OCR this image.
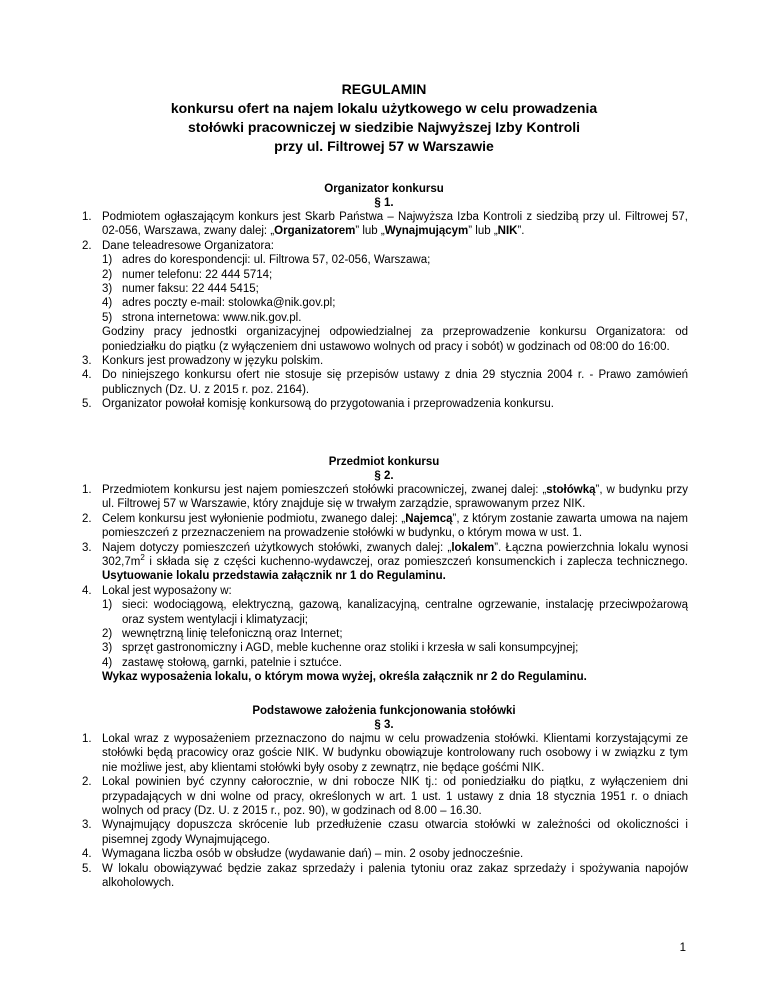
REGULAMIN
konkursu ofert na najem lokalu użytkowego w celu prowadzenia
stołówki pracowniczej w siedzibie Najwyższej Izby Kontroli
przy ul. Filtrowej 57 w Warszawie
Organizator konkursu
§ 1.
1. Podmiotem ogłaszającym konkurs jest Skarb Państwa – Najwyższa Izba Kontroli z siedzibą przy ul. Filtrowej 57, 02-056, Warszawa, zwany dalej: „Organizatorem” lub „Wynajmującym” lub „NIK”.
2. Dane teleadresowe Organizatora:
1) adres do korespondencji: ul. Filtrowa 57, 02-056, Warszawa;
2) numer telefonu: 22 444 5714;
3) numer faksu: 22 444 5415;
4) adres poczty e-mail: stolowka@nik.gov.pl;
5) strona internetowa: www.nik.gov.pl.
Godziny pracy jednostki organizacyjnej odpowiedzialnej za przeprowadzenie konkursu Organizatora: od poniedziałku do piątku (z wyłączeniem dni ustawowo wolnych od pracy i sobót) w godzinach od 08:00 do 16:00.
3. Konkurs jest prowadzony w języku polskim.
4. Do niniejszego konkursu ofert nie stosuje się przepisów ustawy z dnia 29 stycznia 2004 r. - Prawo zamówień publicznych (Dz. U. z 2015 r. poz. 2164).
5. Organizator powołał komisję konkursową do przygotowania i przeprowadzenia konkursu.
Przedmiot konkursu
§ 2.
1. Przedmiotem konkursu jest najem pomieszczeń stołówki pracowniczej, zwanej dalej: „stołówką”, w budynku przy ul. Filtrowej 57 w Warszawie, który znajduje się w trwałym zarządzie, sprawowanym przez NIK.
2. Celem konkursu jest wyłonienie podmiotu, zwanego dalej: „Najemcą”, z którym zostanie zawarta umowa na najem pomieszczeń z przeznaczeniem na prowadzenie stołówki w budynku, o którym mowa w ust. 1.
3. Najem dotyczy pomieszczeń użytkowych stołówki, zwanych dalej: „lokalem”. Łączna powierzchnia lokalu wynosi $302,7m^2$ i składa się z części kuchenno-wydawczej, oraz pomieszczeń konsumenckich i zaplecza technicznego. Usytuowanie lokalu przedstawia załącznik nr 1 do Regulaminu.
4. Lokal jest wyposażony w:
1) sieci: wodociągową, elektryczną, gazową, kanalizacyjną, centralne ogrzewanie, instalację przeciwpożarową oraz system wentylacji i klimatyzacji;
2) wewnętrzną linię telefoniczną oraz Internet;
3) sprzęt gastronomiczny i AGD, meble kuchenne oraz stoliki i krzesła w sali konsumpcyjnej;
4) zastawę stołową, garnki, patelnie i sztućce.
Wykaz wyposażenia lokalu, o którym mowa wyżej, określa załącznik nr 2 do Regulaminu.
Podstawowe założenia funkcjonowania stołówki
§ 3.
1. Lokal wraz z wyposażeniem przeznaczono do najmu w celu prowadzenia stołówki. Klientami korzystającymi ze stołówki będą pracowicy oraz goście NIK. W budynku obowiązuje kontrolowany ruch osobowy i w związku z tym nie możliwe jest, aby klientami stołówki były osoby z zewnątrz, nie będące gośćmi NIK.
2. Lokal powinien być czynny całorocznie, w dni robocze NIK tj.: od poniedziałku do piątku, z wyłączeniem dni przypadających w dni wolne od pracy, określonych w art. 1 ust. 1 ustawy z dnia 18 stycznia 1951 r. o dniach wolnych od pracy (Dz. U. z 2015 r., poz. 90), w godzinach od 8.00 – 16.30.
3. Wynajmujący dopuszcza skrócenie lub przedłużenie czasu otwarcia stołówki w zależności od okoliczności i pisemnej zgody Wynajmującego.
4. Wymagana liczba osób w obsłudze (wydawanie dań) – min. 2 osoby jednocześnie.
5. W lokalu obowiązywać będzie zakaz sprzedaży i palenia tytoniu oraz zakaz sprzedaży i spożywania napojów alkoholowych.
1
